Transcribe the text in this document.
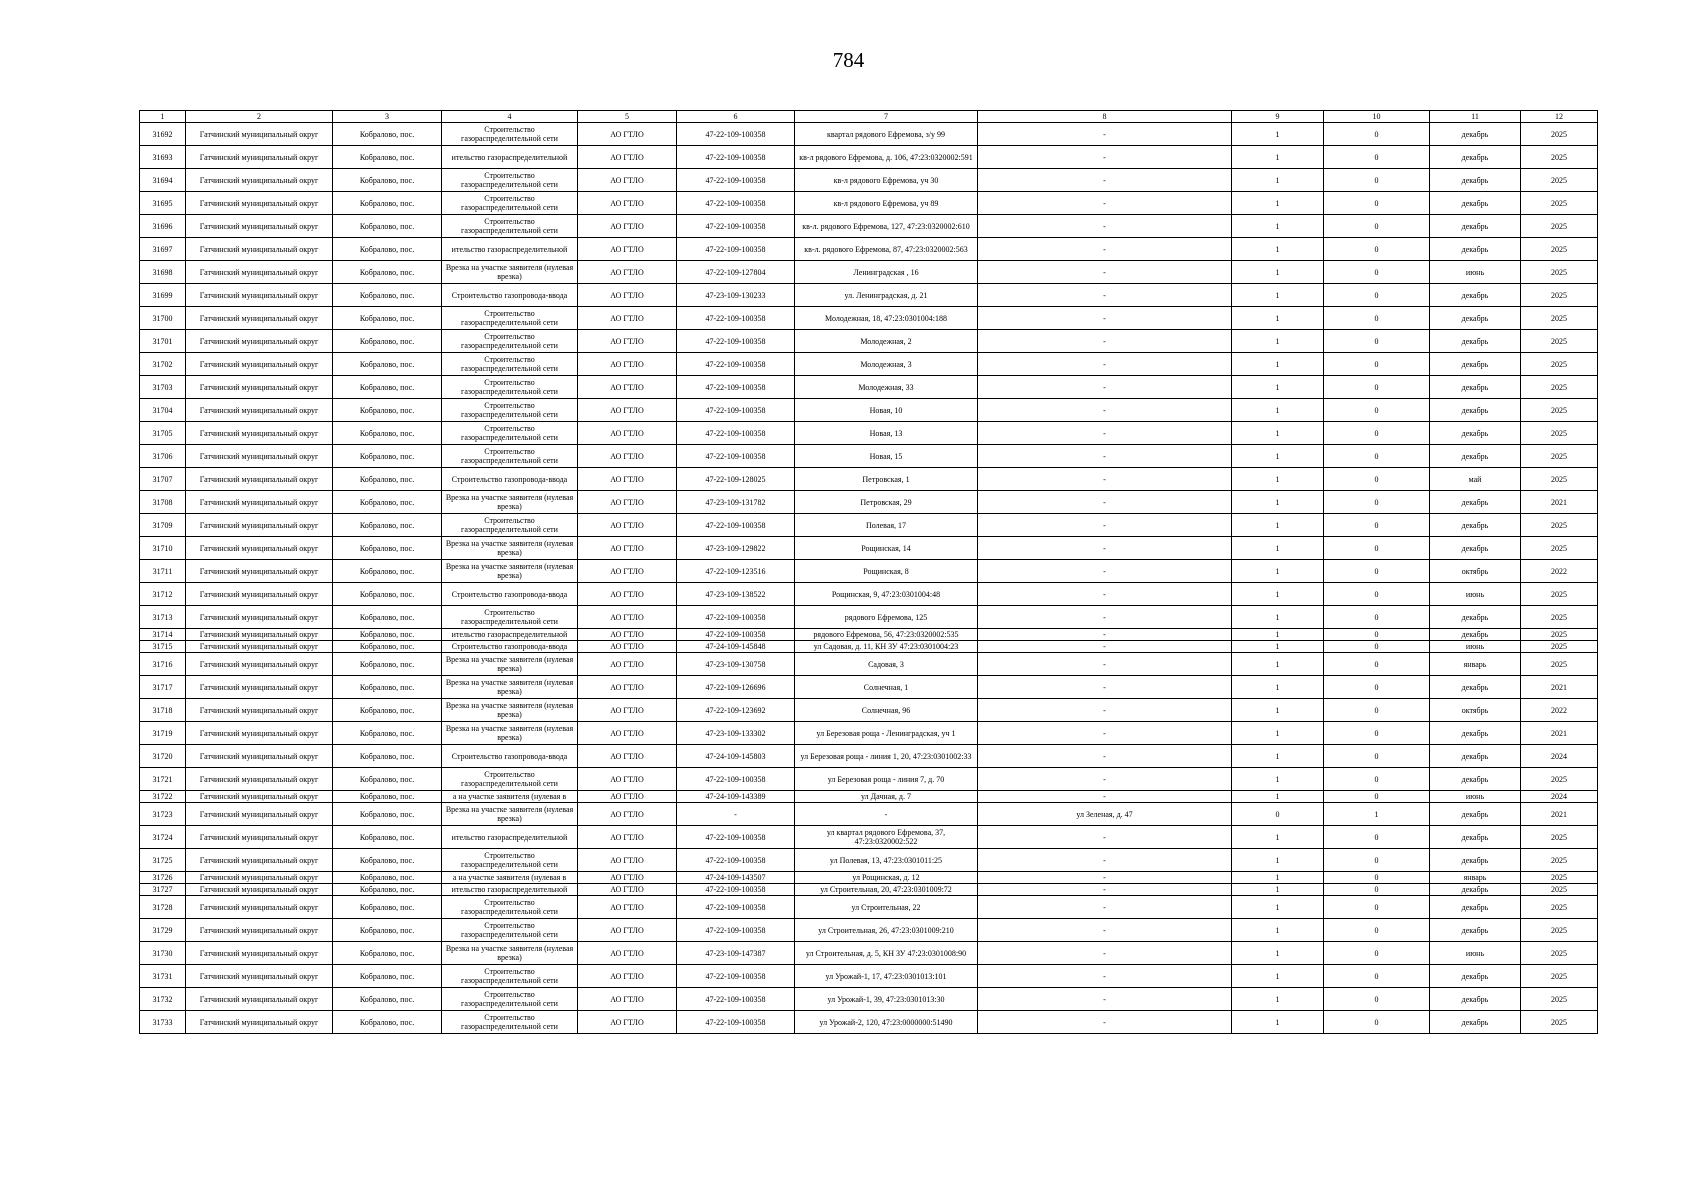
784
1	2	3	4	5	6	7	8	9	10	11	12
31692	Гатчинский муниципальный округ	Кобралово, пос.	Строительство газораспределительной сети	АО ГТЛО	47-22-109-100358	квартал рядового Ефремова, з/у 99	-	1	0	декабрь	2025
31693	Гатчинский муниципальный округ	Кобралово, пос.	ительство газораспределительной	АО ГТЛО	47-22-109-100358	кв-л рядового Ефремова, д. 106, 47:23:0320002:591	-	1	0	декабрь	2025
31694	Гатчинский муниципальный округ	Кобралово, пос.	Строительство газораспределительной сети	АО ГТЛО	47-22-109-100358	кв-л рядового Ефремова, уч 30	-	1	0	декабрь	2025
31695	Гатчинский муниципальный округ	Кобралово, пос.	Строительство газораспределительной сети	АО ГТЛО	47-22-109-100358	кв-л рядового Ефремова, уч 89	-	1	0	декабрь	2025
31696	Гатчинский муниципальный округ	Кобралово, пос.	Строительство газораспределительной сети	АО ГТЛО	47-22-109-100358	кв-л. рядового Ефремова, 127, 47:23:0320002:610	-	1	0	декабрь	2025
31697	Гатчинский муниципальный округ	Кобралово, пос.	ительство газораспределительной	АО ГТЛО	47-22-109-100358	кв-л. рядового Ефремова, 87, 47:23:0320002:563	-	1	0	декабрь	2025
31698	Гатчинский муниципальный округ	Кобралово, пос.	Врезка на участке заявителя (нулевая врезка)	АО ГТЛО	47-22-109-127804	Ленинградская , 16	-	1	0	июнь	2025
31699	Гатчинский муниципальный округ	Кобралово, пос.	Строительство газопровода-ввода	АО ГТЛО	47-23-109-130233	ул. Ленинградская, д. 21	-	1	0	декабрь	2025
31700	Гатчинский муниципальный округ	Кобралово, пос.	Строительство газораспределительной сети	АО ГТЛО	47-22-109-100358	Молодежная, 18, 47:23:0301004:188	-	1	0	декабрь	2025
31701	Гатчинский муниципальный округ	Кобралово, пос.	Строительство газораспределительной сети	АО ГТЛО	47-22-109-100358	Молодежная, 2	-	1	0	декабрь	2025
31702	Гатчинский муниципальный округ	Кобралово, пос.	Строительство газораспределительной сети	АО ГТЛО	47-22-109-100358	Молодежная, 3	-	1	0	декабрь	2025
31703	Гатчинский муниципальный округ	Кобралово, пос.	Строительство газораспределительной сети	АО ГТЛО	47-22-109-100358	Молодежная, 33	-	1	0	декабрь	2025
31704	Гатчинский муниципальный округ	Кобралово, пос.	Строительство газораспределительной сети	АО ГТЛО	47-22-109-100358	Новая, 10	-	1	0	декабрь	2025
31705	Гатчинский муниципальный округ	Кобралово, пос.	Строительство газораспределительной сети	АО ГТЛО	47-22-109-100358	Новая, 13	-	1	0	декабрь	2025
31706	Гатчинский муниципальный округ	Кобралово, пос.	Строительство газораспределительной сети	АО ГТЛО	47-22-109-100358	Новая, 15	-	1	0	декабрь	2025
31707	Гатчинский муниципальный округ	Кобралово, пос.	Строительство газопровода-ввода	АО ГТЛО	47-22-109-128025	Петровская, 1	-	1	0	май	2025
31708	Гатчинский муниципальный округ	Кобралово, пос.	Врезка на участке заявителя (нулевая врезка)	АО ГТЛО	47-23-109-131782	Петровская, 29	-	1	0	декабрь	2021
31709	Гатчинский муниципальный округ	Кобралово, пос.	Строительство газораспределительной сети	АО ГТЛО	47-22-109-100358	Полевая, 17	-	1	0	декабрь	2025
31710	Гатчинский муниципальный округ	Кобралово, пос.	Врезка на участке заявителя (нулевая врезка)	АО ГТЛО	47-23-109-129822	Рощинская, 14	-	1	0	декабрь	2025
31711	Гатчинский муниципальный округ	Кобралово, пос.	Врезка на участке заявителя (нулевая врезка)	АО ГТЛО	47-22-109-123516	Рощинская, 8	-	1	0	октябрь	2022
31712	Гатчинский муниципальный округ	Кобралово, пос.	Строительство газопровода-ввода	АО ГТЛО	47-23-109-138522	Рощинская, 9, 47:23:0301004:48	-	1	0	июнь	2025
31713	Гатчинский муниципальный округ	Кобралово, пос.	Строительство газораспределительной сети	АО ГТЛО	47-22-109-100358	рядового Ефремова, 125	-	1	0	декабрь	2025
31714	Гатчинский муниципальный округ	Кобралово, пос.	ительство газораспределительной	АО ГТЛО	47-22-109-100358	рядового Ефремова, 56, 47:23:0320002:535	-	1	0	декабрь	2025
31715	Гатчинский муниципальный округ	Кобралово, пос.	Строительство газопровода-ввода	АО ГТЛО	47-24-109-145848	ул Садовая, д. 11, КН ЗУ 47:23:0301004:23	-	1	0	июнь	2025
31716	Гатчинский муниципальный округ	Кобралово, пос.	Врезка на участке заявителя (нулевая врезка)	АО ГТЛО	47-23-109-130758	Садовая, 3	-	1	0	январь	2025
31717	Гатчинский муниципальный округ	Кобралово, пос.	Врезка на участке заявителя (нулевая врезка)	АО ГТЛО	47-22-109-126696	Солнечная, 1	-	1	0	декабрь	2021
31718	Гатчинский муниципальный округ	Кобралово, пос.	Врезка на участке заявителя (нулевая врезка)	АО ГТЛО	47-22-109-123692	Солнечная, 96	-	1	0	октябрь	2022
31719	Гатчинский муниципальный округ	Кобралово, пос.	Врезка на участке заявителя (нулевая врезка)	АО ГТЛО	47-23-109-133302	ул Березовая роща - Ленинградская, уч 1	-	1	0	декабрь	2021
31720	Гатчинский муниципальный округ	Кобралово, пос.	Строительство газопровода-ввода	АО ГТЛО	47-24-109-145803	ул Березовая роща - линия 1, 20, 47:23:0301002:33	-	1	0	декабрь	2024
31721	Гатчинский муниципальный округ	Кобралово, пос.	Строительство газораспределительной сети	АО ГТЛО	47-22-109-100358	ул Березовая роща - линия 7, д. 70	-	1	0	декабрь	2025
31722	Гатчинский муниципальный округ	Кобралово, пос.	а на участке заявителя (нулевая в	АО ГТЛО	47-24-109-143389	ул Дачная, д. 7	-	1	0	июнь	2024
31723	Гатчинский муниципальный округ	Кобралово, пос.	Врезка на участке заявителя (нулевая врезка)	АО ГТЛО	-	-	ул Зеленая, д. 47	0	1	декабрь	2021
31724	Гатчинский муниципальный округ	Кобралово, пос.	ительство газораспределительной	АО ГТЛО	47-22-109-100358	ул квартал рядового Ефремова, 37, 47:23:0320002:522	-	1	0	декабрь	2025
31725	Гатчинский муниципальный округ	Кобралово, пос.	Строительство газораспределительной сети	АО ГТЛО	47-22-109-100358	ул Полевая, 13, 47:23:0301011:25	-	1	0	декабрь	2025
31726	Гатчинский муниципальный округ	Кобралово, пос.	а на участке заявителя (нулевая в	АО ГТЛО	47-24-109-143507	ул Рощинская, д. 12	-	1	0	январь	2025
31727	Гатчинский муниципальный округ	Кобралово, пос.	ительство газораспределительной	АО ГТЛО	47-22-109-100358	ул Строительная, 20, 47:23:0301009:72	-	1	0	декабрь	2025
31728	Гатчинский муниципальный округ	Кобралово, пос.	Строительство газораспределительной сети	АО ГТЛО	47-22-109-100358	ул Строительная, 22	-	1	0	декабрь	2025
31729	Гатчинский муниципальный округ	Кобралово, пос.	Строительство газораспределительной сети	АО ГТЛО	47-22-109-100358	ул Строительная, 26, 47:23:0301009:210	-	1	0	декабрь	2025
31730	Гатчинский муниципальный округ	Кобралово, пос.	Врезка на участке заявителя (нулевая врезка)	АО ГТЛО	47-23-109-147387	ул Строительная, д. 5, КН ЗУ 47:23:0301008:90	-	1	0	июнь	2025
31731	Гатчинский муниципальный округ	Кобралово, пос.	Строительство газораспределительной сети	АО ГТЛО	47-22-109-100358	ул Урожай-1, 17, 47:23:0301013:101	-	1	0	декабрь	2025
31732	Гатчинский муниципальный округ	Кобралово, пос.	Строительство газораспределительной сети	АО ГТЛО	47-22-109-100358	ул Урожай-1, 39, 47:23:0301013:30	-	1	0	декабрь	2025
31733	Гатчинский муниципальный округ	Кобралово, пос.	Строительство газораспределительной сети	АО ГТЛО	47-22-109-100358	ул Урожай-2, 120, 47:23:0000000:51490	-	1	0	декабрь	2025
